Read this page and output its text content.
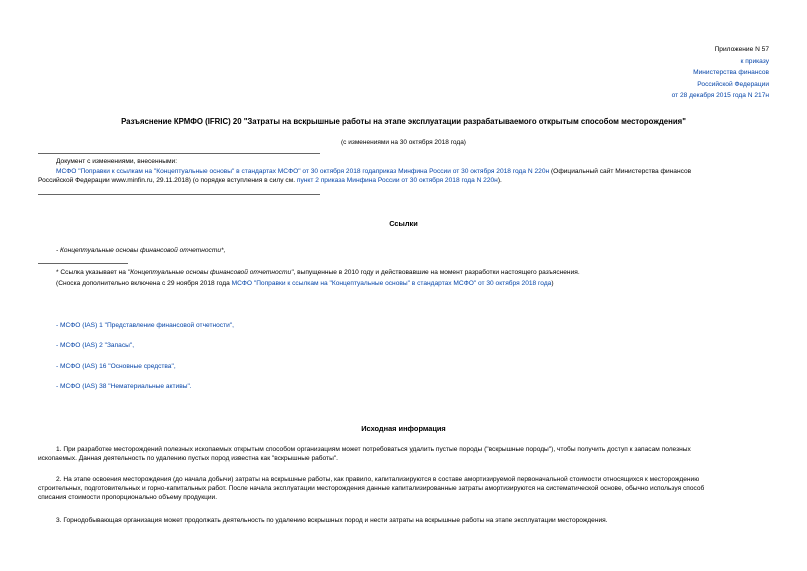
Приложение N 57
к приказу
Министерства финансов
Российской Федерации
от 28 декабря 2015 года N 217н
Разъяснение КРМФО (IFRIC) 20 "Затраты на вскрышные работы на этапе эксплуатации разрабатываемого открытым способом месторождения"
(с изменениями на 30 октября 2018 года)
Документ с изменениями, внесенными:
МСФО "Поправки к ссылкам на "Концептуальные основы" в стандартах МСФО" от 30 октября 2018 годаприказ Минфина России от 30 октября 2018 года N 220н (Официальный сайт Министерства финансов
Российской Федерации www.minfin.ru, 29.11.2018) (о порядке вступления в силу см. пункт 2 приказа Минфина России от 30 октября 2018 года N 220н).
Ссылки
- Концептуальные основы финансовой отчетности*,
* Ссылка указывает на "Концептуальные основы финансовой отчетности", выпущенные в 2010 году и действовавшие на момент разработки настоящего разъяснения.
(Сноска дополнительно включена с 29 ноября 2018 года МСФО "Поправки к ссылкам на "Концептуальные основы" в стандартах МСФО" от 30 октября 2018 года)
- МСФО (IAS) 1 "Представление финансовой отчетности",
- МСФО (IAS) 2 "Запасы",
- МСФО (IAS) 16 "Основные средства",
- МСФО (IAS) 38 "Нематериальные активы".
Исходная информация
1. При разработке месторождений полезных ископаемых открытым способом организациям может потребоваться удалить пустые породы ("вскрышные породы"), чтобы получить доступ к запасам полезных
ископаемых. Данная деятельность по удалению пустых пород известна как "вскрышные работы".
2. На этапе освоения месторождения (до начала добычи) затраты на вскрышные работы, как правило, капитализируются в составе амортизируемой первоначальной стоимости относящихся к месторождению
строительных, подготовительных и горно-капитальных работ. После начала эксплуатации месторождения данные капитализированные затраты амортизируются на систематической основе, обычно используя способ
списания стоимости пропорционально объему продукции.
3. Горнодобывающая организация может продолжать деятельность по удалению вскрышных пород и нести затраты на вскрышные работы на этапе эксплуатации месторождения.
